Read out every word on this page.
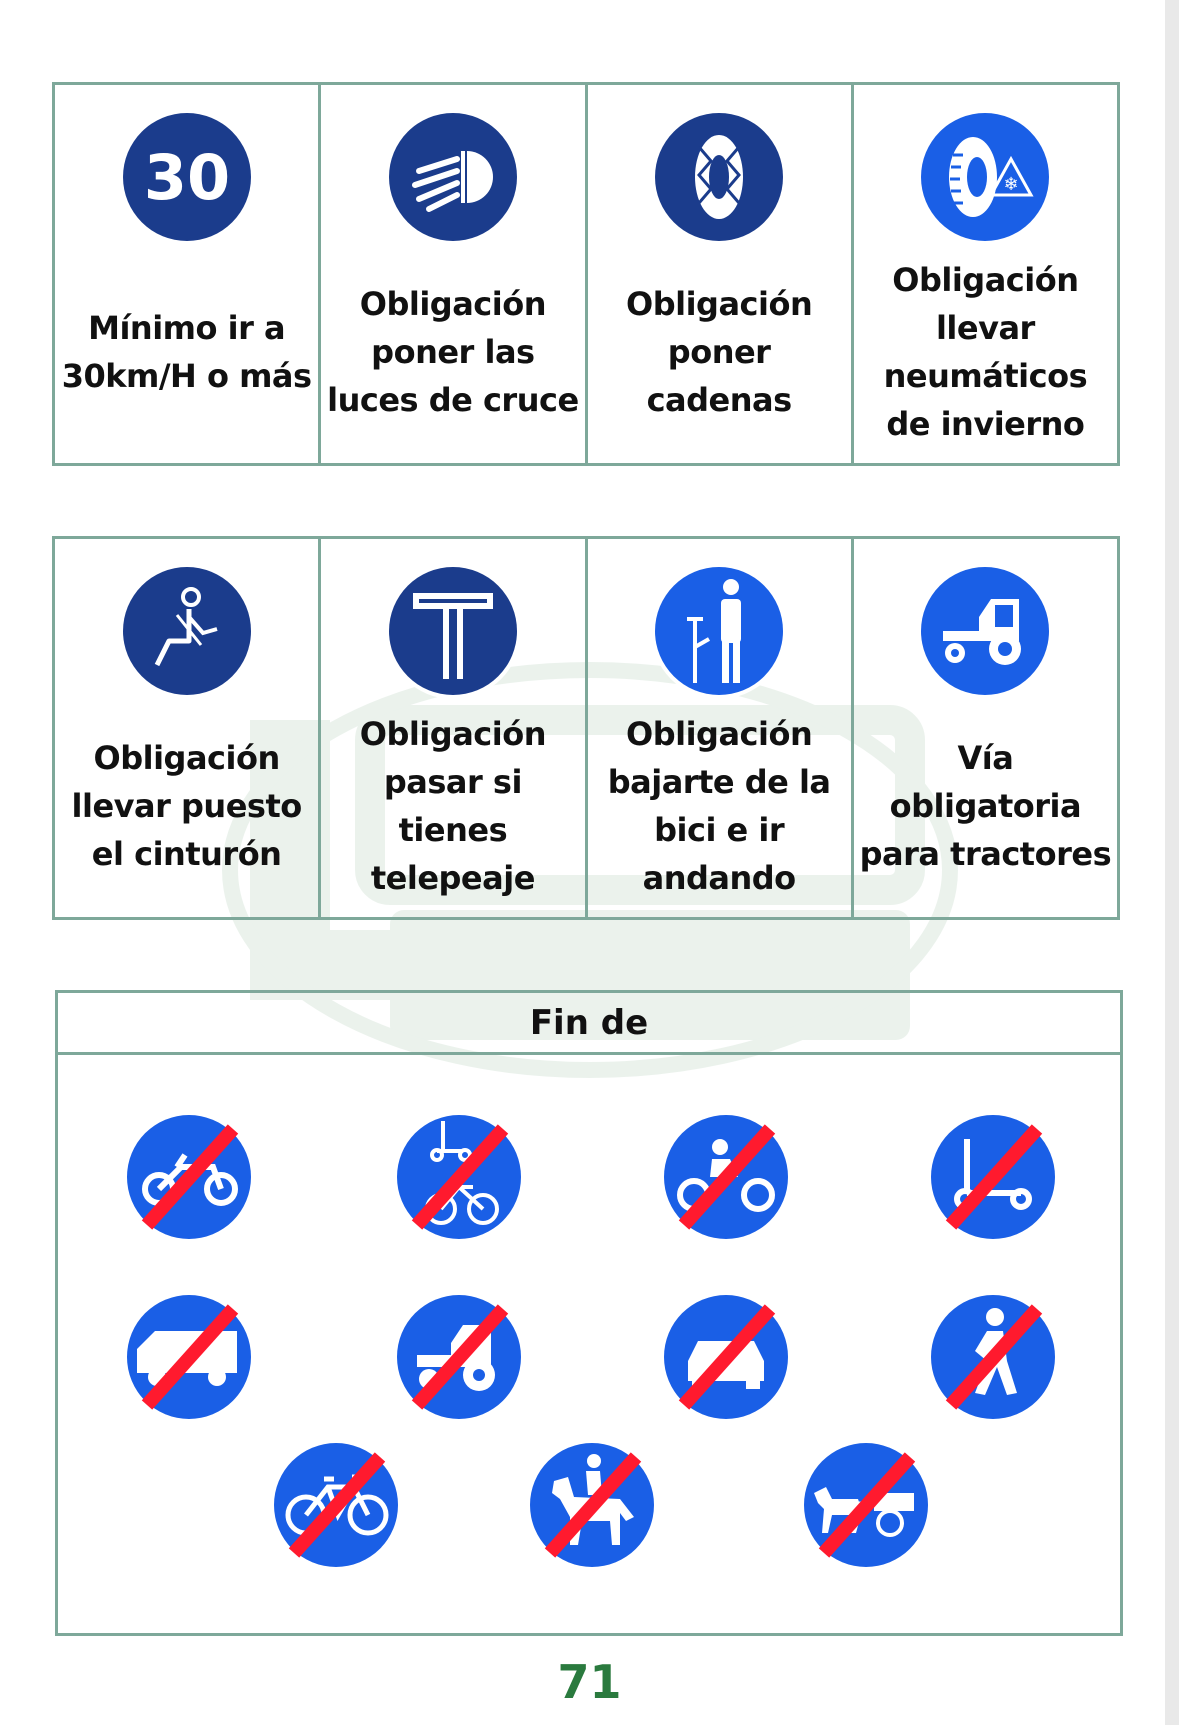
30
Mínimo ir a 30km/H o más
Obligación poner las luces de cruce
Obligación poner cadenas
❄
Obligación llevar neumáticos de invierno
Obligación llevar puesto el cinturón
Obligación pasar si tienes telepeaje
Obligación bajarte de la bici e ir andando
Vía obligatoria para tractores
Fin de
71
